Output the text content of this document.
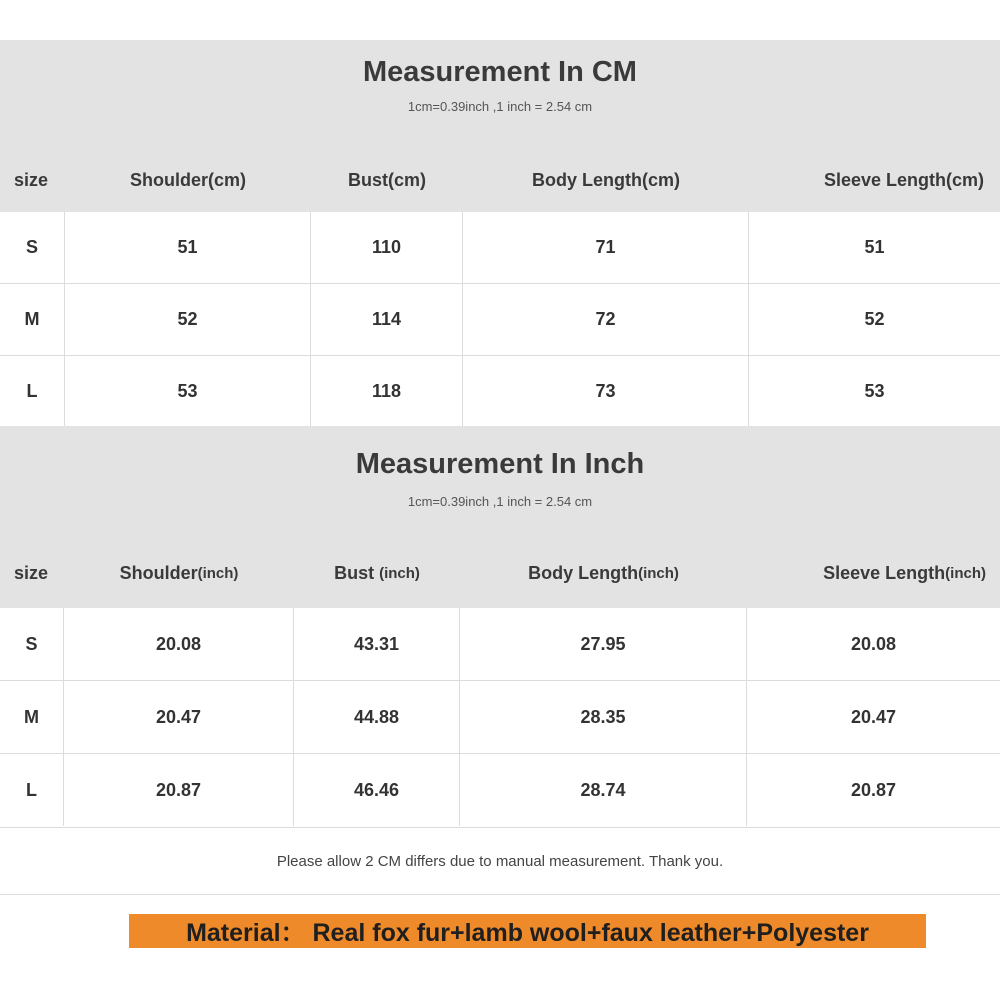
Measurement In CM
1cm=0.39inch ,1 inch = 2.54 cm
size	Shoulder(cm)	Bust(cm)	Body Length(cm)	Sleeve Length(cm)
S	51	110	71	51
M	52	114	72	52
L	53	118	73	53
Measurement In Inch
1cm=0.39inch ,1 inch = 2.54 cm
size	Shoulder (inch)	Bust (inch)	Body Length (inch)	Sleeve Length (inch)
S	20.08	43.31	27.95	20.08
M	20.47	44.88	28.35	20.47
L	20.87	46.46	28.74	20.87
Please allow 2 CM differs due to manual measurement. Thank you.
Material： Real fox fur+lamb wool+faux leather+Polyester
